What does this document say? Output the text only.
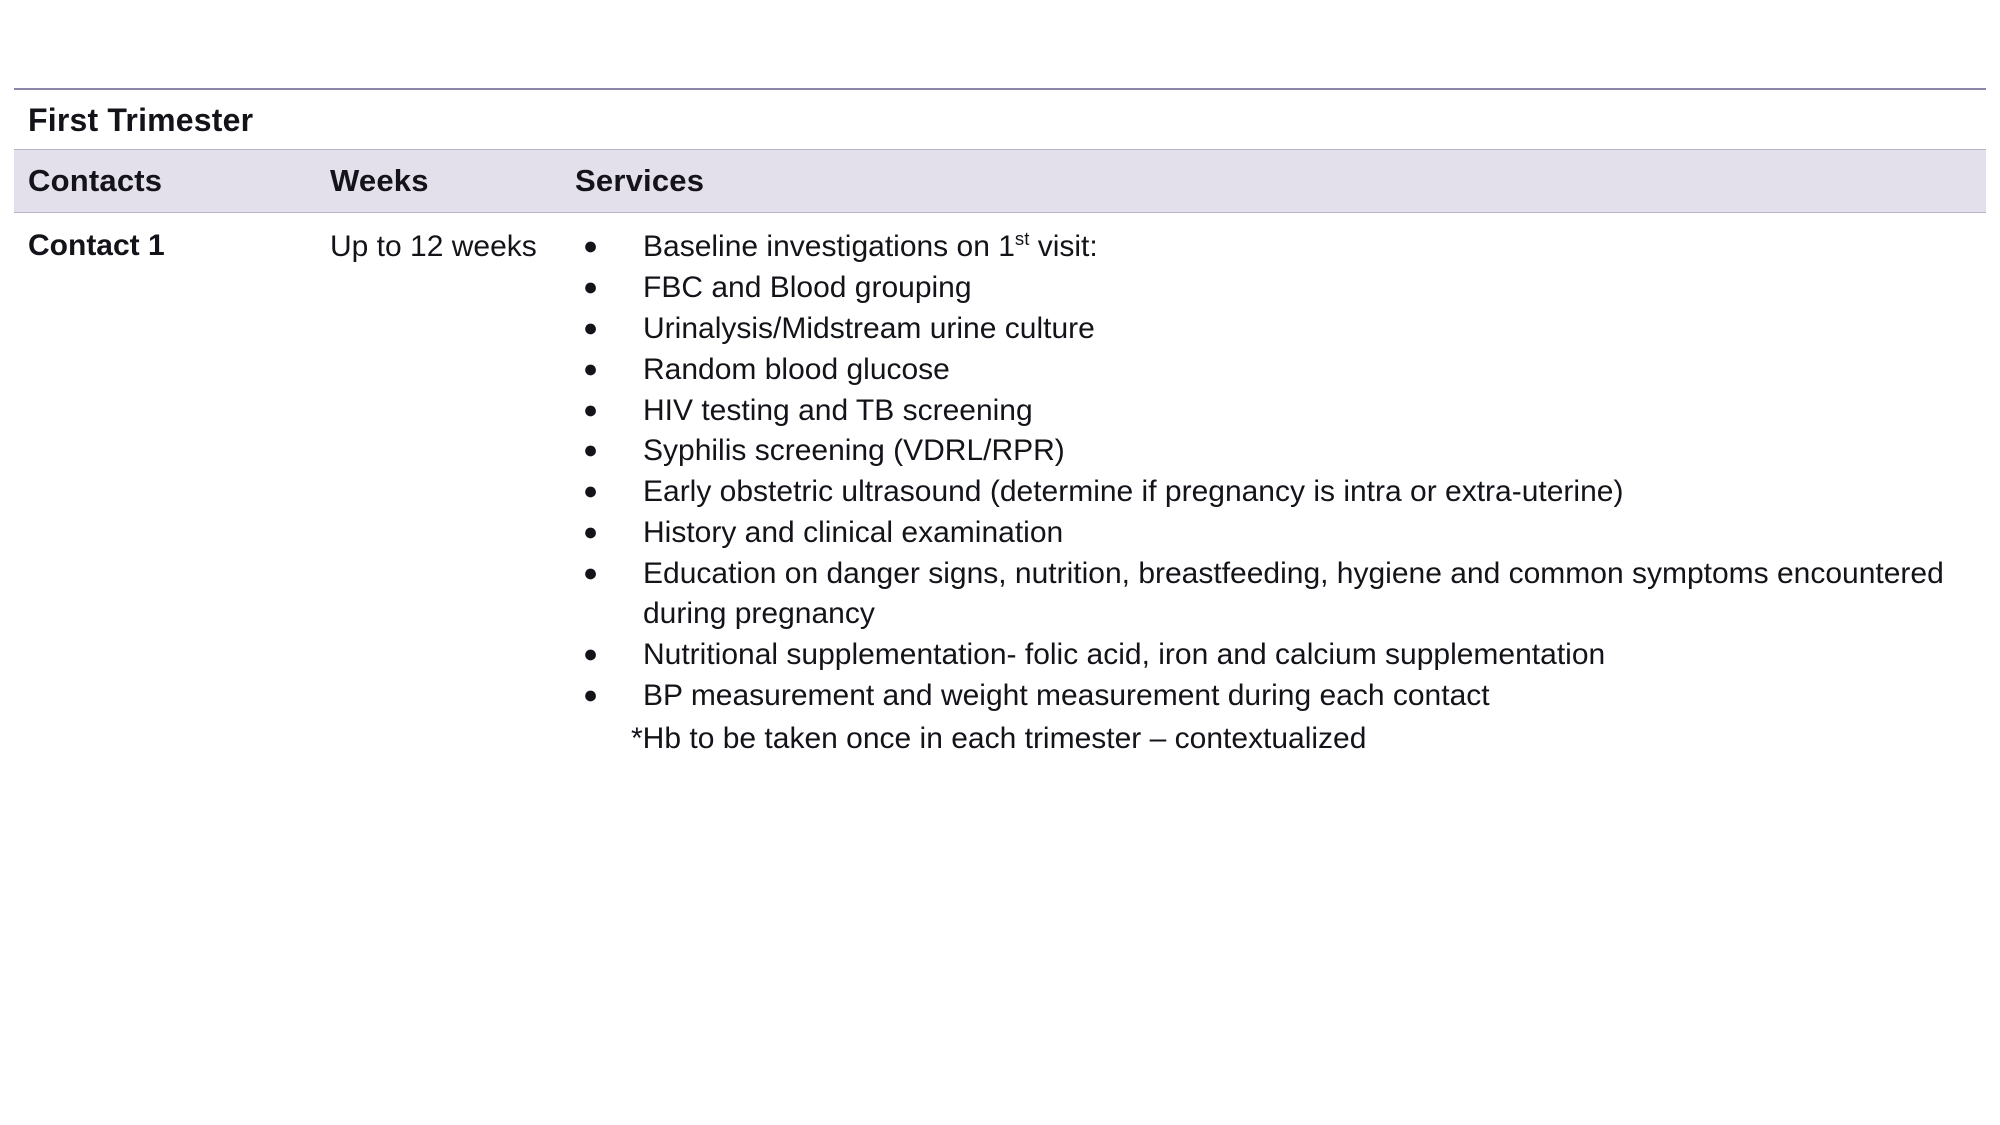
First Trimester
Contacts	Weeks	Services
Contact 1	Up to 12 weeks	●	Baseline investigations on 1st visit:
●	FBC and Blood grouping
●	Urinalysis/Midstream urine culture
●	Random blood glucose
●	HIV testing and TB screening
●	Syphilis screening (VDRL/RPR)
●	Early obstetric ultrasound (determine if pregnancy is intra or extra-uterine)
●	History and clinical examination
●	Education on danger signs, nutrition, breastfeeding, hygiene and common symptoms encountered during pregnancy
●	Nutritional supplementation- folic acid, iron and calcium supplementation
●	BP measurement and weight measurement during each contact
*Hb to be taken once in each trimester – contextualized
